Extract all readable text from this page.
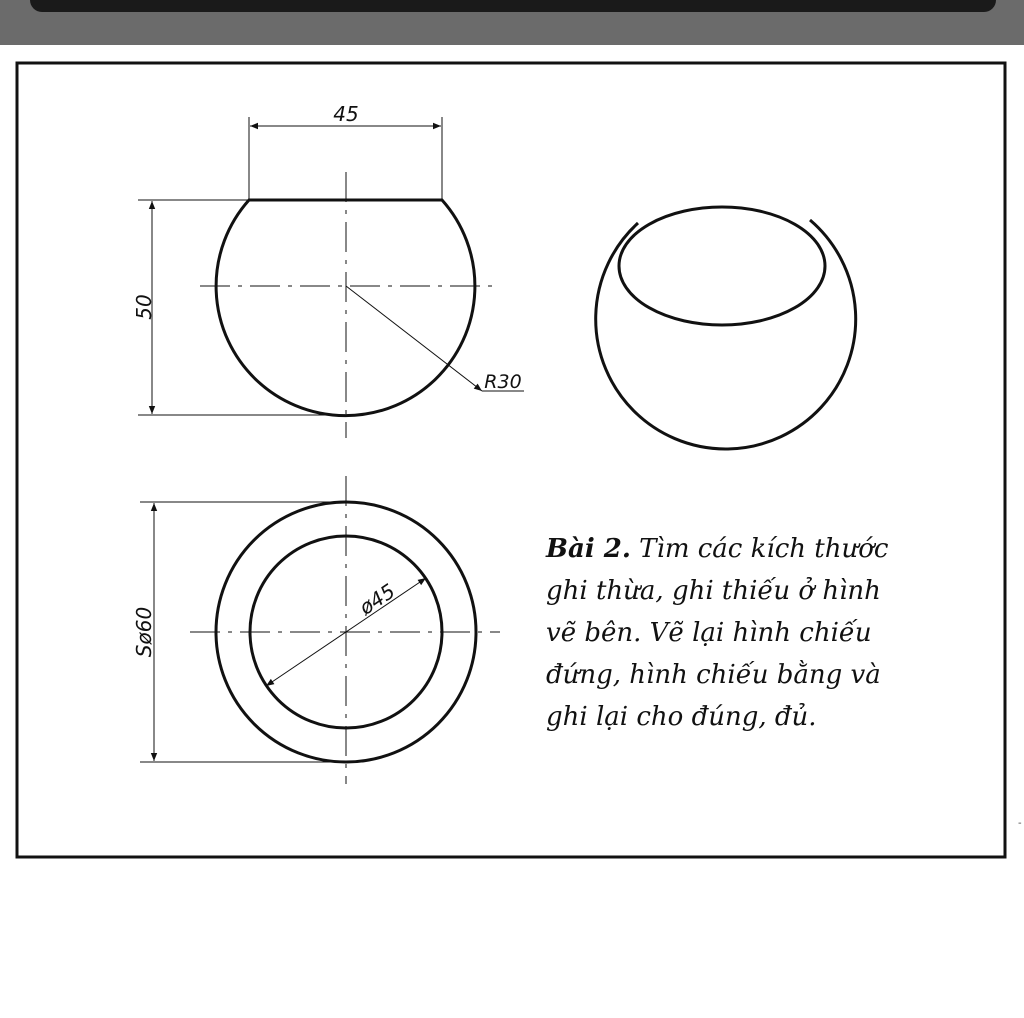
45
50
R30
Sø60
ø45

Bài 2. Tìm các kích thước
ghi thừa, ghi thiếu ở hình
vẽ bên. Vẽ lại hình chiếu
đứng, hình chiếu bằng và
ghi lại cho đúng, đủ.

-
